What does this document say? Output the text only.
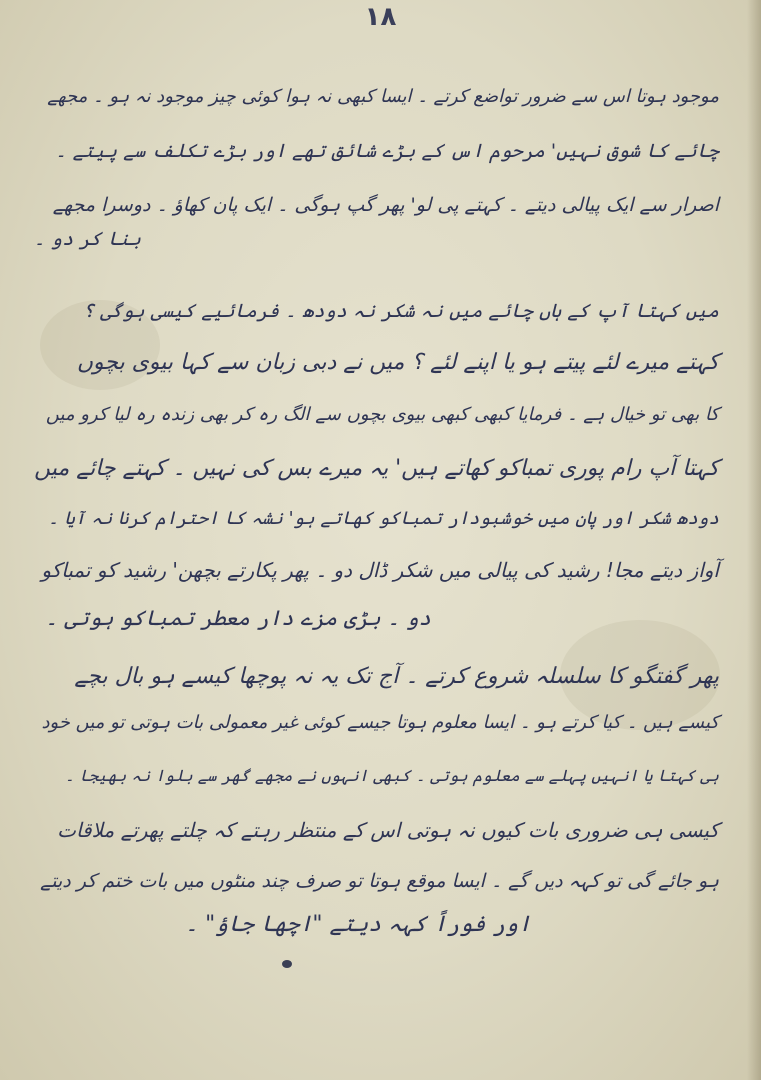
۱۸
موجود ہوتا اس سے ضرور تواضع کرتے ۔ ایسا کبھی نہ ہوا کوئی چیز موجود نہ ہو ۔ مجھے
چائے کا شوق نہیں' مرحوم اس کے بڑے شائق تھے اور بڑے تکلف سے پیتے ۔
اصرار سے ایک پیالی دیتے ۔ کہتے پی لو' پھر گپ ہوگی ۔ ایک پان کھاؤ ۔ دوسرا مجھے
بنا کر دو ۔
میں کہتا آپ کے ہاں چائے میں نہ شکر نہ دودھ ۔ فرمائیے کیسی ہوگی ؟
کہتے میرے لئے پیتے ہو یا اپنے لئے ؟ میں نے دبی زبان سے کہا بیوی بچوں
کا بھی تو خیال ہے ۔ فرمایا کبھی کبھی بیوی بچوں سے الگ رہ کر بھی زندہ رہ لیا کرو میں
کہتا آپ رام پوری تمباکو کھاتے ہیں' یہ میرے بس کی نہیں ۔ کہتے چائے میں
دودھ شکر اور پان میں خوشبودار تمباکو کھاتے ہو' نشہ کا احترام کرنا نہ آیا ۔
آواز دیتے مجا! رشید کی پیالی میں شکر ڈال دو ۔ پھر پکارتے بچھن' رشید کو تمباکو
دو ۔ بڑی مزے دار معطر تمباکو ہوتی ۔
پھر گفتگو کا سلسلہ شروع کرتے ۔ آج تک یہ نہ پوچھا کیسے ہو بال بچے
کیسے ہیں ۔ کیا کرتے ہو ۔ ایسا معلوم ہوتا جیسے کوئی غیر معمولی بات ہوتی تو میں خود
ہی کہتا یا انہیں پہلے سے معلوم ہوتی ۔ کبھی انہوں نے مجھے گھر سے بلوا نہ بھیجا ۔
کیسی ہی ضروری بات کیوں نہ ہوتی اس کے منتظر رہتے کہ چلتے پھرتے ملاقات
ہو جائے گی تو کہہ دیں گے ۔ ایسا موقع ہوتا تو صرف چند منٹوں میں بات ختم کر دیتے
اور فوراً کہہ دیتے "اچھا جاؤ" ۔
